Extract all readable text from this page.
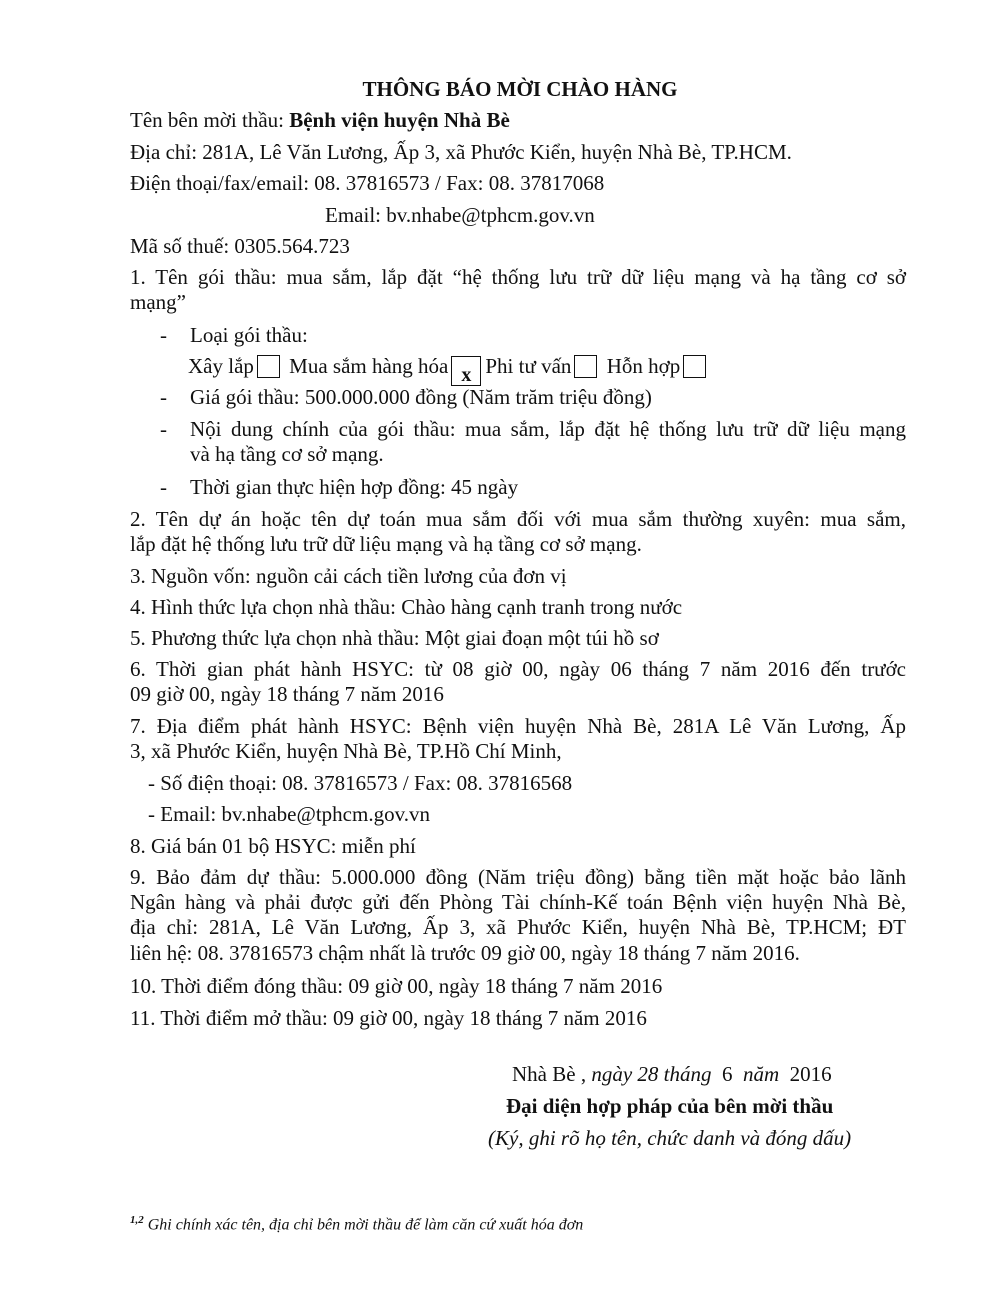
THÔNG BÁO MỜI CHÀO HÀNG
Tên bên mời thầu: Bệnh viện huyện Nhà Bè
Địa chỉ: 281A, Lê Văn Lương, Ấp 3, xã Phước Kiển, huyện Nhà Bè, TP.HCM.
Điện thoại/fax/email: 08. 37816573 / Fax: 08. 37817068
Email: bv.nhabe@tphcm.gov.vn
Mã số thuế: 0305.564.723
1. Tên gói thầu: mua sắm, lắp đặt “hệ thống lưu trữ dữ liệu mạng và hạ tầng cơ sở
mạng”
- Loại gói thầu:
Xây lắp Mua sắm hàng hóa x Phi tư vấn Hỗn hợp
- Giá gói thầu: 500.000.000 đồng (Năm trăm triệu đồng)
- Nội dung chính của gói thầu: mua sắm, lắp đặt hệ thống lưu trữ dữ liệu mạng
và hạ tầng cơ sở mạng.
- Thời gian thực hiện hợp đồng: 45 ngày
2. Tên dự án hoặc tên dự toán mua sắm đối với mua sắm thường xuyên: mua sắm,
lắp đặt hệ thống lưu trữ dữ liệu mạng và hạ tầng cơ sở mạng.
3. Nguồn vốn: nguồn cải cách tiền lương của đơn vị
4. Hình thức lựa chọn nhà thầu: Chào hàng cạnh tranh trong nước
5. Phương thức lựa chọn nhà thầu: Một giai đoạn một túi hồ sơ
6. Thời gian phát hành HSYC: từ 08 giờ 00, ngày 06 tháng 7 năm 2016 đến trước
09 giờ 00, ngày 18 tháng 7 năm 2016
7. Địa điểm phát hành HSYC: Bệnh viện huyện Nhà Bè, 281A Lê Văn Lương, Ấp
3, xã Phước Kiển, huyện Nhà Bè, TP.Hồ Chí Minh,
- Số điện thoại: 08. 37816573 / Fax: 08. 37816568
- Email: bv.nhabe@tphcm.gov.vn
8. Giá bán 01 bộ HSYC: miễn phí
9. Bảo đảm dự thầu: 5.000.000 đồng (Năm triệu đồng) bằng tiền mặt hoặc bảo lãnh
Ngân hàng và phải được gửi đến Phòng Tài chính-Kế toán Bệnh viện huyện Nhà Bè,
địa chỉ: 281A, Lê Văn Lương, Ấp 3, xã Phước Kiển, huyện Nhà Bè, TP.HCM; ĐT
liên hệ: 08. 37816573 chậm nhất là trước 09 giờ 00, ngày 18 tháng 7 năm 2016.
10. Thời điểm đóng thầu: 09 giờ 00, ngày 18 tháng 7 năm 2016
11. Thời điểm mở thầu: 09 giờ 00, ngày 18 tháng 7 năm 2016
Nhà Bè , ngày 28 tháng  6  năm  2016
Đại diện hợp pháp của bên mời thầu
(Ký, ghi rõ họ tên, chức danh và đóng dấu)
$^{1,2}$ Ghi chính xác tên, địa chỉ bên mời thầu để làm căn cứ xuất hóa đơn
